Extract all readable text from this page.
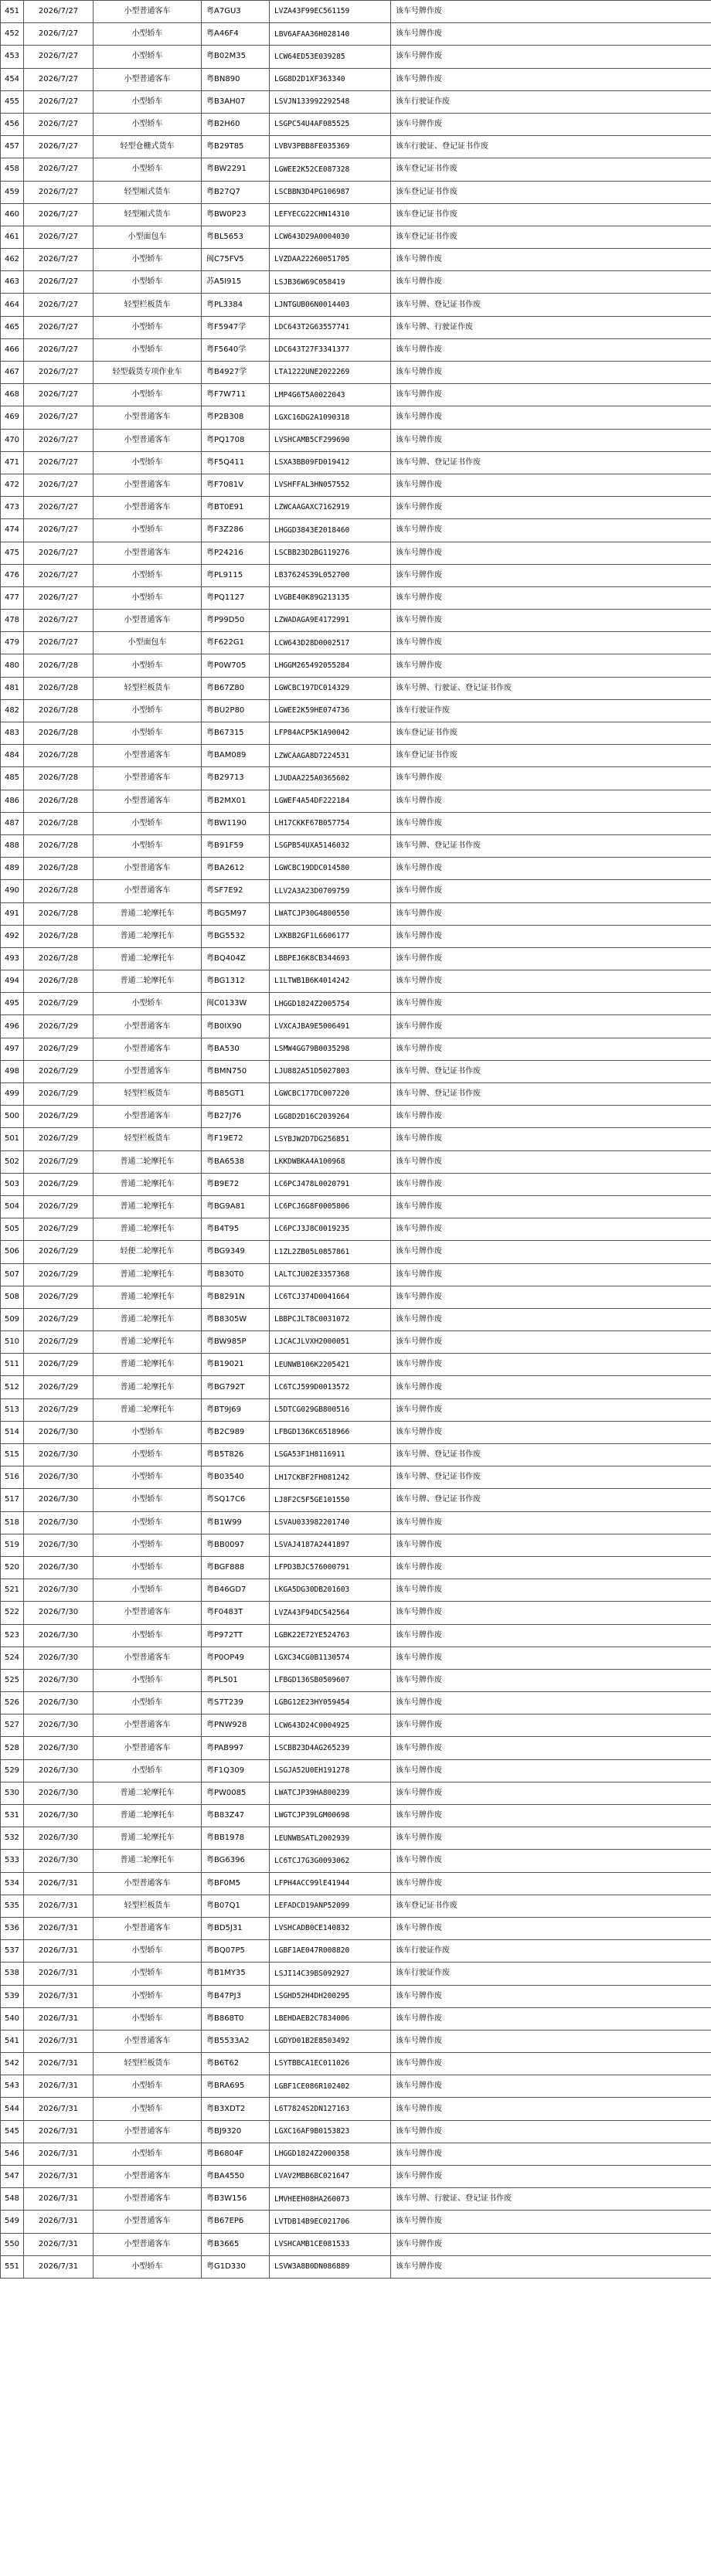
451	2026/7/27	小型普通客车	粤A7GU3	LVZA43F99EC561159	该车号牌作废
452	2026/7/27	小型轿车	粤A46F4	LBV6AFAA36H028140	该车号牌作废
453	2026/7/27	小型轿车	粤B02M35	LCW64ED53E039285	该车号牌作废
454	2026/7/27	小型普通客车	粤BN890	LGG8D2D1XF363340	该车号牌作废
455	2026/7/27	小型轿车	粤B3AH07	LSVJN133992292548	该车行驶证作废
456	2026/7/27	小型轿车	粤B2H60	LSGPC54U4AF085525	该车号牌作废
457	2026/7/27	轻型仓栅式货车	粤B29T85	LVBV3PBB8FE035369	该车行驶证、登记证书作废
458	2026/7/27	小型轿车	粤BW2291	LGWEE2K52CE087328	该车登记证书作废
459	2026/7/27	轻型厢式货车	粤B27Q7	LSCBBN3D4PG106987	该车登记证书作废
460	2026/7/27	轻型厢式货车	粤BW0P23	LEFYECG22CHN14310	该车登记证书作废
461	2026/7/27	小型面包车	粤BL5653	LCW643D29A0004030	该车登记证书作废
462	2026/7/27	小型轿车	闽C75FV5	LVZDAA22260051705	该车号牌作废
463	2026/7/27	小型轿车	苏A5I915	LSJB36W69C058419	该车号牌作废
464	2026/7/27	轻型栏板货车	粤PL3384	LJNTGUB06N0014403	该车号牌、登记证书作废
465	2026/7/27	小型轿车	粤F5947学	LDC643T2G63557741	该车号牌、行驶证作废
466	2026/7/27	小型轿车	粤F5640学	LDC643T27F3341377	该车号牌作废
467	2026/7/27	轻型载货专项作业车	粤B4927学	LTA1222UNE2022269	该车号牌作废
468	2026/7/27	小型轿车	粤F7W711	LMP4G6T5A0022043	该车号牌作废
469	2026/7/27	小型普通客车	粤P2B308	LGXC16DG2A1090318	该车号牌作废
470	2026/7/27	小型普通客车	粤PQ1708	LVSHCAMB5CF299690	该车号牌作废
471	2026/7/27	小型轿车	粤F5Q411	LSXA3BB09FD019412	该车号牌、登记证书作废
472	2026/7/27	小型普通客车	粤F7081V	LVSHFFAL3HN057552	该车号牌作废
473	2026/7/27	小型普通客车	粤BT0E91	LZWCAAGAXC7162919	该车号牌作废
474	2026/7/27	小型轿车	粤F3Z286	LHGGD3843E2018460	该车号牌作废
475	2026/7/27	小型普通客车	粤P24216	LSCBB23D2BG119276	该车号牌作废
476	2026/7/27	小型轿车	粤PL9115	LB37624S39L052700	该车号牌作废
477	2026/7/27	小型轿车	粤PQ1127	LVGBE40K89G213135	该车号牌作废
478	2026/7/27	小型普通客车	粤P99D50	LZWADAGA9E4172991	该车号牌作废
479	2026/7/27	小型面包车	粤F622G1	LCW643D28D0002517	该车号牌作废
480	2026/7/28	小型轿车	粤P0W705	LHGGM265492055284	该车号牌作废
481	2026/7/28	轻型栏板货车	粤B67Z80	LGWCBC197DC014329	该车号牌、行驶证、登记证书作废
482	2026/7/28	小型轿车	粤BU2P80	LGWEE2K59HE074736	该车行驶证作废
483	2026/7/28	小型轿车	粤B67315	LFP84ACP5K1A90042	该车登记证书作废
484	2026/7/28	小型普通客车	粤BAM089	LZWCAAGA8D7224531	该车登记证书作废
485	2026/7/28	小型普通客车	粤B29713	LJUDAA225A0365602	该车号牌作废
486	2026/7/28	小型普通客车	粤B2MX01	LGWEF4A54DF222184	该车号牌作废
487	2026/7/28	小型轿车	粤BW1190	LH17CKKF67B057754	该车号牌作废
488	2026/7/28	小型轿车	粤B91F59	LSGPB54UXA5146032	该车号牌、登记证书作废
489	2026/7/28	小型普通客车	粤BA2612	LGWCBC19DDC014580	该车号牌作废
490	2026/7/28	小型普通客车	粤SF7E92	LLV2A3A23D0709759	该车号牌作废
491	2026/7/28	普通二轮摩托车	粤BG5M97	LWATCJP30G4800550	该车号牌作废
492	2026/7/28	普通二轮摩托车	粤BG5532	LXKBB2GF1L6606177	该车号牌作废
493	2026/7/28	普通二轮摩托车	粤BQ404Z	LBBPEJ6K8CB344693	该车号牌作废
494	2026/7/28	普通二轮摩托车	粤BG1312	L1LTWB1B6K4014242	该车号牌作废
495	2026/7/29	小型轿车	闽C0133W	LHGGD1824Z2005754	该车号牌作废
496	2026/7/29	小型普通客车	粤B0IX90	LVXCAJBA9E5006491	该车号牌作废
497	2026/7/29	小型普通客车	粤BA530	LSMW4GG79B0035298	该车号牌作废
498	2026/7/29	小型普通客车	粤BMN750	LJU882A51D5027803	该车号牌、登记证书作废
499	2026/7/29	轻型栏板货车	粤B85GT1	LGWCBC177DC007220	该车号牌、登记证书作废
500	2026/7/29	小型普通客车	粤B27J76	LGG8D2D16C2039264	该车号牌作废
501	2026/7/29	轻型栏板货车	粤F19E72	LSYBJW2D7DG256851	该车号牌作废
502	2026/7/29	普通二轮摩托车	粤BA6538	LKKDWBKA4A100968	该车号牌作废
503	2026/7/29	普通二轮摩托车	粤B9E72	LC6PCJ478L0020791	该车号牌作废
504	2026/7/29	普通二轮摩托车	粤BG9A81	LC6PCJ6G8F0005806	该车号牌作废
505	2026/7/29	普通二轮摩托车	粤B4T95	LC6PCJ3J8C0019235	该车号牌作废
506	2026/7/29	轻便二轮摩托车	粤BG9349	L1ZL2ZB05L0857861	该车号牌作废
507	2026/7/29	普通二轮摩托车	粤B830T0	LALTCJU02E3357368	该车号牌作废
508	2026/7/29	普通二轮摩托车	粤B8291N	LC6TCJ374D0041664	该车号牌作废
509	2026/7/29	普通二轮摩托车	粤B8305W	LBBPCJLT8C0031072	该车号牌作废
510	2026/7/29	普通二轮摩托车	粤BW985P	LJCACJLVXH2000051	该车号牌作废
511	2026/7/29	普通二轮摩托车	粤B19021	LEUNWB106K2205421	该车号牌作废
512	2026/7/29	普通二轮摩托车	粤BG792T	LC6TCJ599D0013572	该车号牌作废
513	2026/7/29	普通二轮摩托车	粤BT9J69	L5DTCG029GB800516	该车号牌作废
514	2026/7/30	小型轿车	粤B2C989	LFBGD136KC6518966	该车号牌作废
515	2026/7/30	小型轿车	粤B5T826	LSGA53F1H8116911	该车号牌、登记证书作废
516	2026/7/30	小型轿车	粤B03540	LH17CKBF2FH081242	该车号牌、登记证书作废
517	2026/7/30	小型轿车	粤SQ17C6	LJ8F2C5F5GE101550	该车号牌、登记证书作废
518	2026/7/30	小型轿车	粤B1W99	LSVAU033982201740	该车号牌作废
519	2026/7/30	小型轿车	粤BB0097	LSVAJ4187A2441897	该车号牌作废
520	2026/7/30	小型轿车	粤BGF888	LFPD3BJC576000791	该车号牌作废
521	2026/7/30	小型轿车	粤B46GD7	LKGA5DG30DB201603	该车号牌作废
522	2026/7/30	小型普通客车	粤F0483T	LVZA43F94DC542564	该车号牌作废
523	2026/7/30	小型轿车	粤P972TT	LGBK22E72YE524763	该车号牌作废
524	2026/7/30	小型普通客车	粤P0OP49	LGXC34CG0B1130574	该车号牌作废
525	2026/7/30	小型轿车	粤PL501	LFBGD136SB0509607	该车号牌作废
526	2026/7/30	小型轿车	粤S7T239	LGBG12E23HY059454	该车号牌作废
527	2026/7/30	小型普通客车	粤PNW928	LCW643D24C0004925	该车号牌作废
528	2026/7/30	小型普通客车	粤PAB997	LSCBB23D4AG265239	该车号牌作废
529	2026/7/30	小型轿车	粤F1Q309	LSGJA52U0EH191278	该车号牌作废
530	2026/7/30	普通二轮摩托车	粤PW0085	LWATCJP39HA800239	该车号牌作废
531	2026/7/30	普通二轮摩托车	粤B83Z47	LWGTCJP39LGM00698	该车号牌作废
532	2026/7/30	普通二轮摩托车	粤BB1978	LEUNWBSATL2002939	该车号牌作废
533	2026/7/30	普通二轮摩托车	粤BG6396	LC6TCJ7G3G0093062	该车号牌作废
534	2026/7/31	小型普通客车	粤BF0M5	LFPH4ACC99lE41944	该车号牌作废
535	2026/7/31	轻型栏板货车	粤B07Q1	LEFADCD19ANP52099	该车登记证书作废
536	2026/7/31	小型普通客车	粤BD5J31	LVSHCADB0CE140832	该车号牌作废
537	2026/7/31	小型轿车	粤BQ07P5	LGBF1AE047R008820	该车行驶证作废
538	2026/7/31	小型轿车	粤B1MY35	LSJI14C39BS092927	该车行驶证作废
539	2026/7/31	小型轿车	粤B47PJ3	LSGHD52H4DH200295	该车号牌作废
540	2026/7/31	小型轿车	粤B868T0	LBEHDAEB2C7834006	该车号牌作废
541	2026/7/31	小型普通客车	粤B5533A2	LGDYD01B2E8503492	该车号牌作废
542	2026/7/31	轻型栏板货车	粤B6T62	LSYTBBCA1EC011026	该车号牌作废
543	2026/7/31	小型轿车	粤BRA695	LGBF1CE086R102402	该车号牌作废
544	2026/7/31	小型轿车	粤B3XDT2	L6T7824S2DN127163	该车号牌作废
545	2026/7/31	小型普通客车	粤BJ9320	LGXC16AF9B0153823	该车号牌作废
546	2026/7/31	小型轿车	粤B6804F	LHGGD1824Z2000358	该车号牌作废
547	2026/7/31	小型普通客车	粤BA4550	LVAV2MBB6BC021647	该车号牌作废
548	2026/7/31	小型普通客车	粤B3W156	LMVHEEH08HA260073	该车号牌、行驶证、登记证书作废
549	2026/7/31	小型普通客车	粤B67EP6	LVTDB14B9EC021706	该车号牌作废
550	2026/7/31	小型普通客车	粤B3665	LVSHCAMB1CE081533	该车号牌作废
551	2026/7/31	小型轿车	粤G1D330	LSVW3A8B0DN086889	该车号牌作废
